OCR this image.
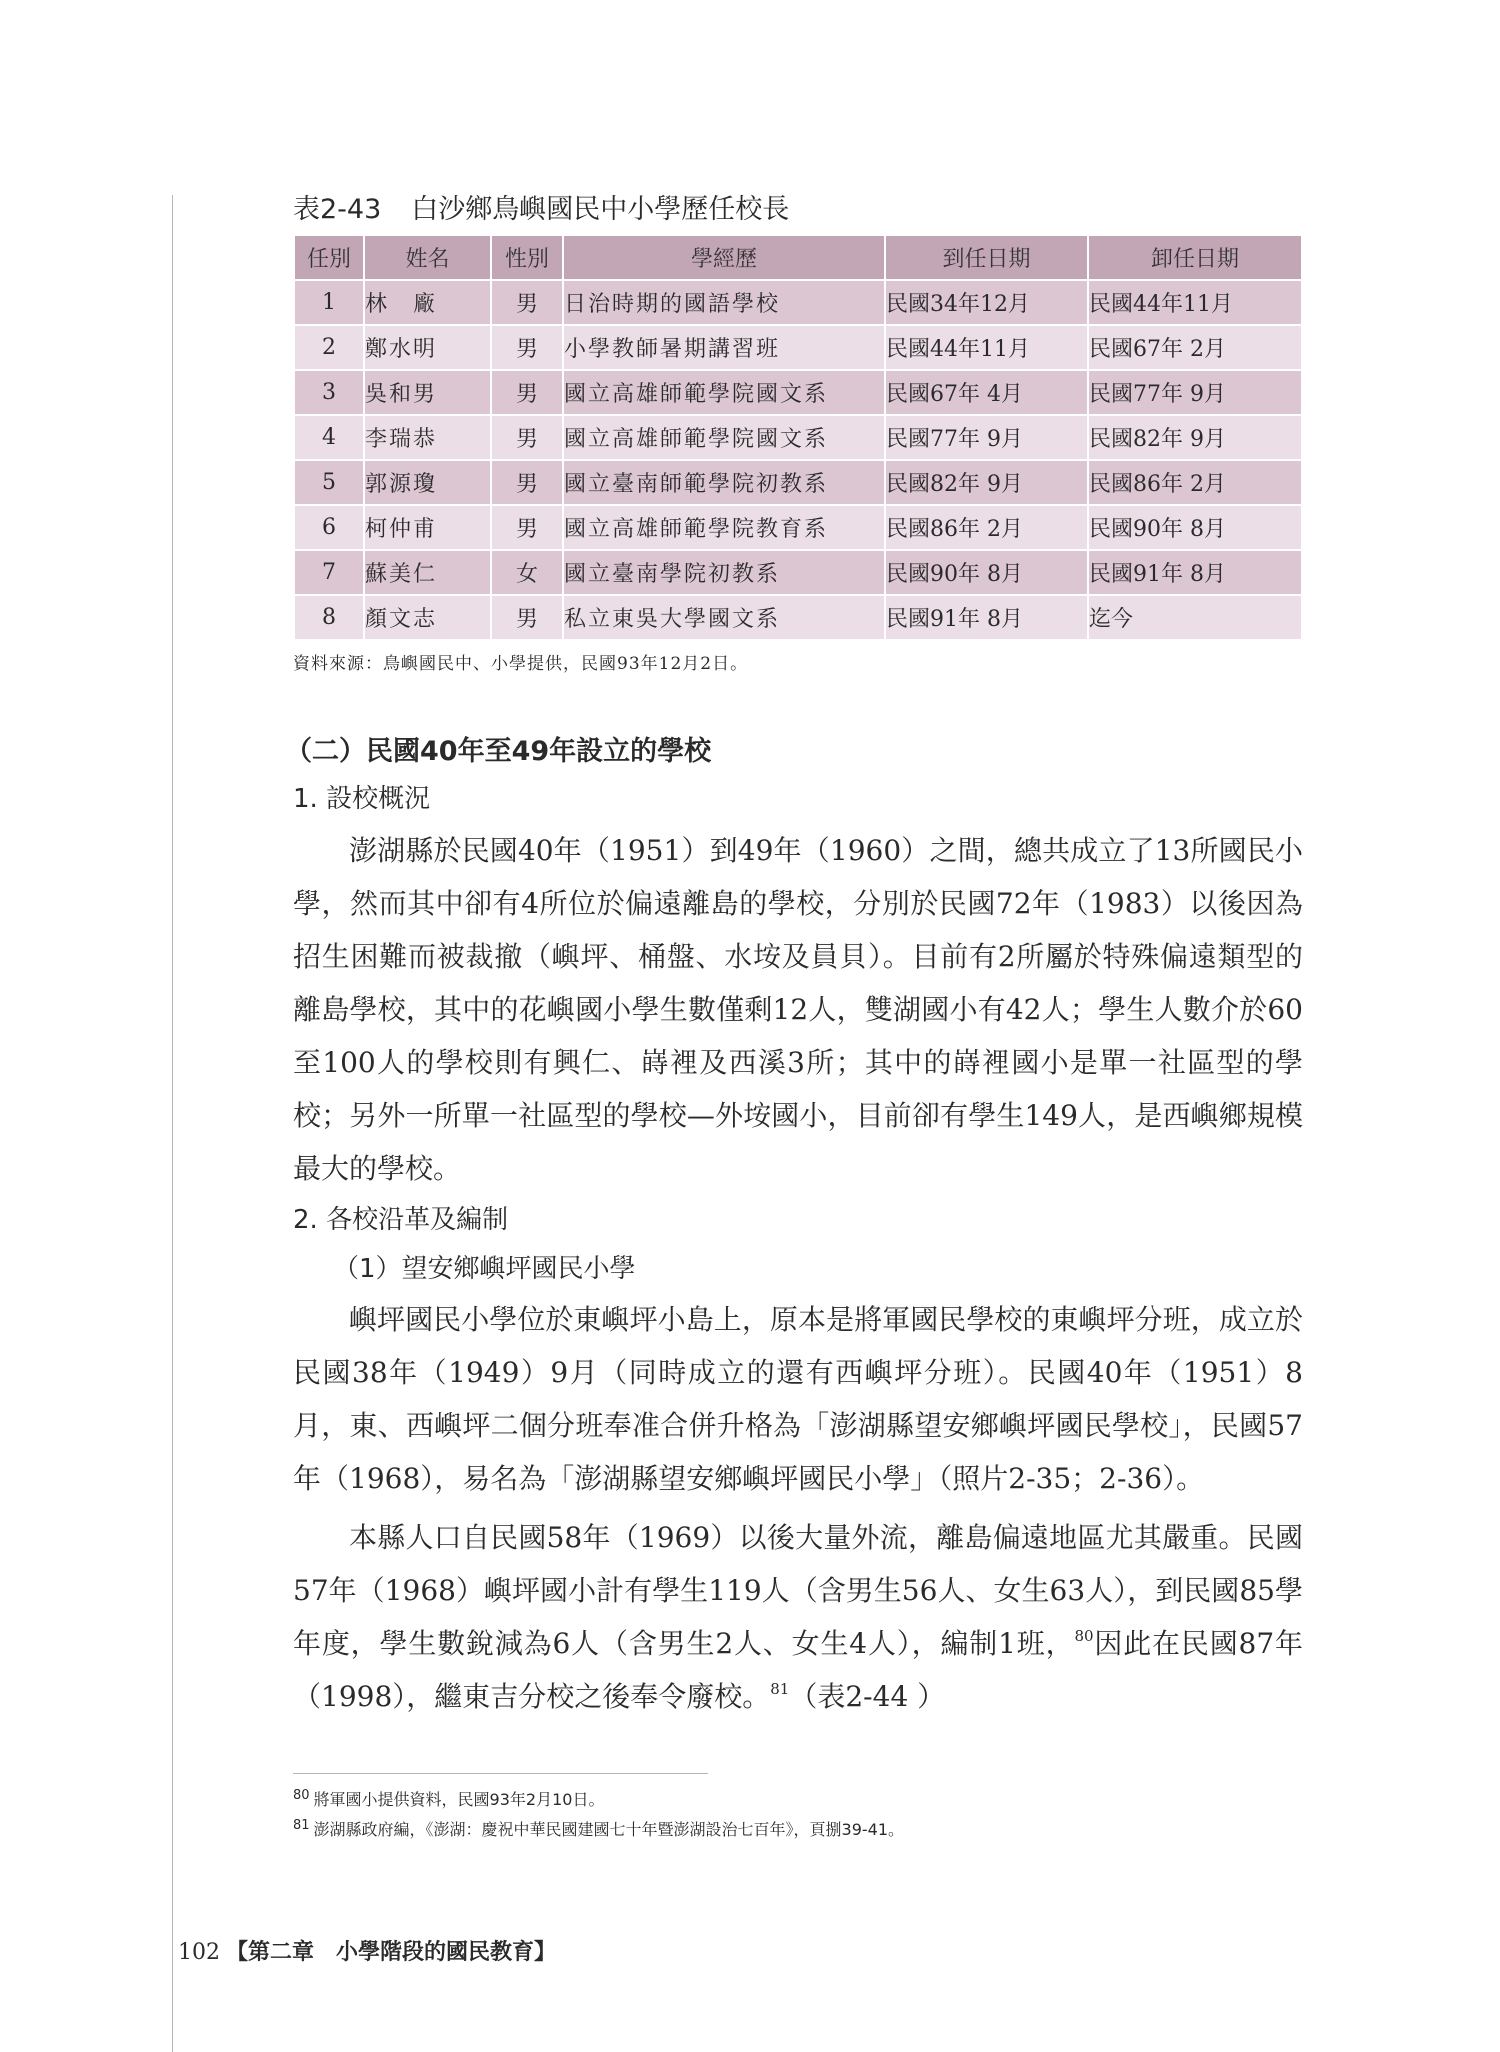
表2-43 白沙鄉鳥嶼國民中小學歷任校長
任別	姓名	性別	學經歷	到任日期	卸任日期
1	林　廠	男	日治時期的國語學校	民國34年12月	民國44年11月
2	鄭水明	男	小學教師暑期講習班	民國44年11月	民國67年 2月
3	吳和男	男	國立高雄師範學院國文系	民國67年 4月	民國77年 9月
4	李瑞恭	男	國立高雄師範學院國文系	民國77年 9月	民國82年 9月
5	郭源瓊	男	國立臺南師範學院初教系	民國82年 9月	民國86年 2月
6	柯仲甫	男	國立高雄師範學院教育系	民國86年 2月	民國90年 8月
7	蘇美仁	女	國立臺南學院初教系	民國90年 8月	民國91年 8月
8	顏文志	男	私立東吳大學國文系	民國91年 8月	迄今
資料來源：鳥嶼國民中、小學提供，民國93年12月2日。
（二）民國40年至49年設立的學校
1. 設校概況

澎湖縣於民國40年（1951）到49年（1960）之間，總共成立了13所國民小學，然而其中卻有4所位於偏遠離島的學校，分別於民國72年（1983）以後因為招生困難而被裁撤（嶼坪、桶盤、水垵及員貝）。目前有2所屬於特殊偏遠類型的離島學校，其中的花嶼國小學生數僅剩12人，雙湖國小有42人；學生人數介於60至100人的學校則有興仁、嵵裡及西溪3所；其中的嵵裡國小是單一社區型的學校；另外一所單一社區型的學校—外垵國小，目前卻有學生149人，是西嶼鄉規模最大的學校。

2. 各校沿革及編制
（1）望安鄉嶼坪國民小學

嶼坪國民小學位於東嶼坪小島上，原本是將軍國民學校的東嶼坪分班，成立於民國38年（1949）9月（同時成立的還有西嶼坪分班）。民國40年（1951）8月，東、西嶼坪二個分班奉准合併升格為「澎湖縣望安鄉嶼坪國民學校」，民國57年（1968），易名為「澎湖縣望安鄉嶼坪國民小學」（照片2-35；2-36）。

本縣人口自民國58年（1969）以後大量外流，離島偏遠地區尤其嚴重。民國57年（1968）嶼坪國小計有學生119人（含男生56人、女生63人），到民國85學年度，學生數銳減為6人（含男生2人、女生4人），編制1班，$^{80}$因此在民國87年（1998），繼東吉分校之後奉令廢校。$^{81}$（表2-44 ）

$^{80}$ 將軍國小提供資料，民國93年2月10日。
$^{81}$ 澎湖縣政府編，《澎湖：慶祝中華民國建國七十年暨澎湖設治七百年》，頁捌39-41。
102 【第二章　小學階段的國民教育】
